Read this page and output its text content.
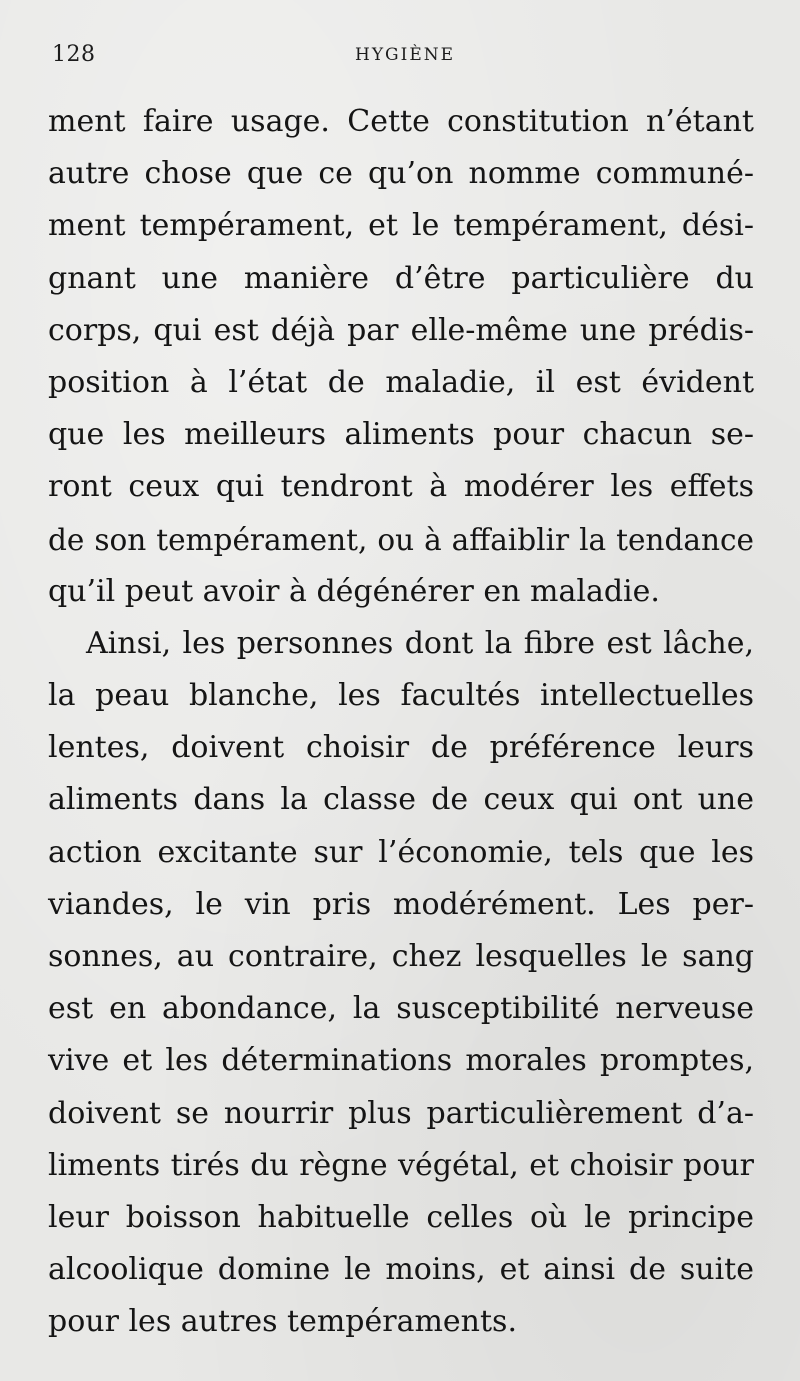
128	HYGIÈNE
ment faire usage. Cette constitution n’étant
autre chose que ce qu’on nomme communé-
ment tempérament, et le tempérament, dési-
gnant une manière d’être particulière du
corps, qui est déjà par elle-même une prédis-
position à l’état de maladie, il est évident
que les meilleurs aliments pour chacun se-
ront ceux qui tendront à modérer les effets
de son tempérament, ou à affaiblir la tendance
qu’il peut avoir à dégénérer en maladie.
Ainsi, les personnes dont la fibre est lâche,
la peau blanche, les facultés intellectuelles
lentes, doivent choisir de préférence leurs
aliments dans la classe de ceux qui ont une
action excitante sur l’économie, tels que les
viandes, le vin pris modérément. Les per-
sonnes, au contraire, chez lesquelles le sang
est en abondance, la susceptibilité nerveuse
vive et les déterminations morales promptes,
doivent se nourrir plus particulièrement d’a-
liments tirés du règne végétal, et choisir pour
leur boisson habituelle celles où le principe
alcoolique domine le moins, et ainsi de suite
pour les autres tempéraments.
